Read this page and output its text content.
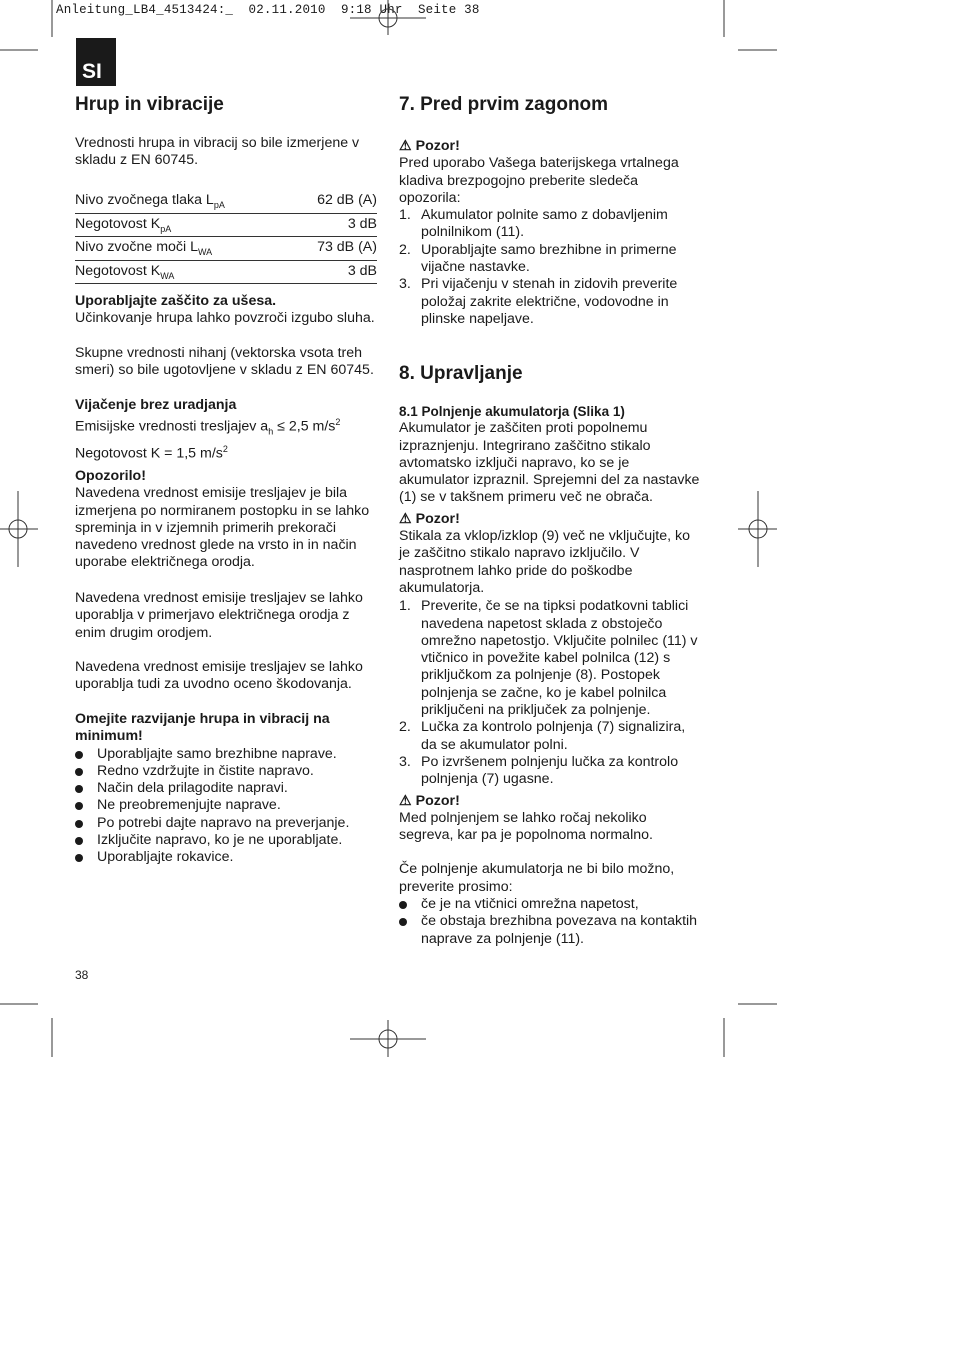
Anleitung_LB4_4513424:_  02.11.2010  9:18 Uhr  Seite 38
SI
Hrup in vibracije

Vrednosti hrupa in vibracij so bile izmerjene v skladu z EN 60745.

Nivo zvočnega tlaka $L_{pA}$	62 dB (A)
Negotovost $K_{pA}$	3 dB
Nivo zvočne moči $L_{WA}$	73 dB (A)
Negotovost $K_{WA}$	3 dB

Uporabljajte zaščito za ušesa.

Učinkovanje hrupa lahko povzroči izgubo sluha.

Skupne vrednosti nihanj (vektorska vsota treh smeri) so bile ugotovljene v skladu z EN 60745.

Vijačenje brez uradjanja

Emisijske vrednosti tresljajev $a_h \le 2,5$ $m/s^2$

Negotovost K = 1,5 $m/s^2$

Opozorilo!

Navedena vrednost emisije tresljajev je bila izmerjena po normiranem postopku in se lahko spreminja in v izjemnih primerih prekorači navedeno vrednost glede na vrsto in in način uporabe električnega orodja.

Navedena vrednost emisije tresljajev se lahko uporablja v primerjavo električnega orodja z enim drugim orodjem.

Navedena vrednost emisije tresljajev se lahko uporablja tudi za uvodno oceno škodovanja.

Omejite razvijanje hrupa in vibracij na minimum!

Uporabljajte samo brezhibne naprave.
Redno vzdržujte in čistite napravo.
Način dela prilagodite napravi.
Ne preobremenjujte naprave.
Po potrebi dajte napravo na preverjanje.
Izključite napravo, ko je ne uporabljate.
Uporabljajte rokavice.
38
7. Pred prvim zagonom

⚠ Pozor!

Pred uporabo Vašega baterijskega vrtalnega kladiva brezpogojno preberite sledeča opozorila:

1. Akumulator polnite samo z dobavljenim polnilnikom (11).
2. Uporabljajte samo brezhibne in primerne vijačne nastavke.
3. Pri vijačenju v stenah in zidovih preverite položaj zakrite električne, vodovodne in plinske napeljave.
8. Upravljanje

8.1 Polnjenje akumulatorja (Slika 1)

Akumulator je zaščiten proti popolnemu izpraznjenju. Integrirano zaščitno stikalo avtomatsko izključi napravo, ko se je akumulator izpraznil. Sprejemni del za nastavke (1) se v takšnem primeru več ne obrača.

⚠ Pozor!

Stikala za vklop/izklop (9) več ne vključujte, ko je zaščitno stikalo napravo izključilo. V nasprotnem lahko pride do poškodbe akumulatorja.

1. Preverite, če se na tipksi podatkovni tablici navedena napetost sklada z obstoječo omrežno napetostjo. Vključite polnilec (11) v vtičnico in povežite kabel polnilca (12) s priključkom za polnjenje (8). Postopek polnjenja se začne, ko je kabel polnilca priključeni na priključek za polnjenje.
2. Lučka za kontrolo polnjenja (7) signalizira, da se akumulator polni.
3. Po izvršenem polnjenju lučka za kontrolo polnjenja (7) ugasne.

⚠ Pozor!

Med polnjenjem se lahko ročaj nekoliko segreva, kar pa je popolnoma normalno.

Če polnjenje akumulatorja ne bi bilo možno, preverite prosimo:

če je na vtičnici omrežna napetost,
če obstaja brezhibna povezava na kontaktih naprave za polnjenje (11).
